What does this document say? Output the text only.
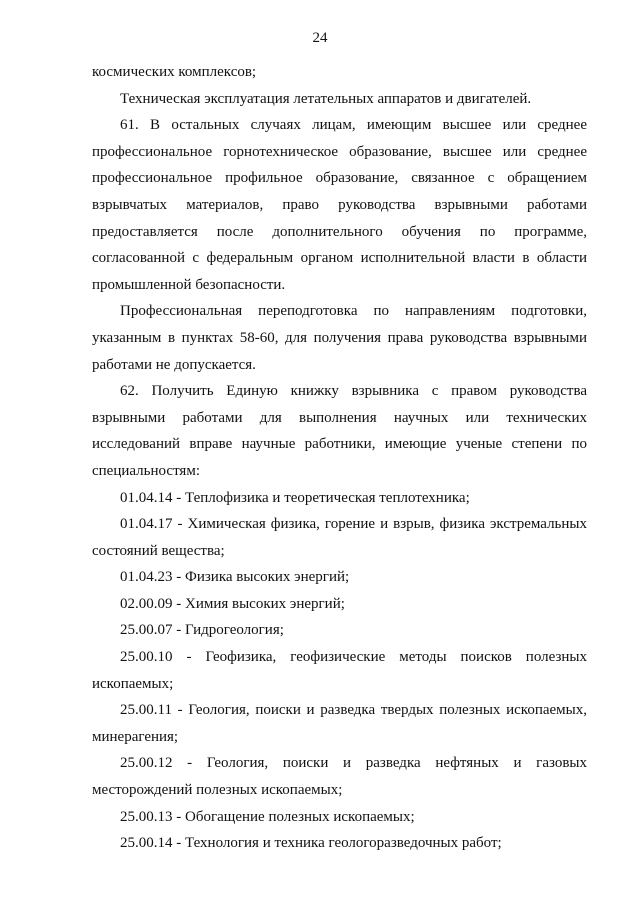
24

космических комплексов;

Техническая эксплуатация летательных аппаратов и двигателей.

61. В остальных случаях лицам, имеющим высшее или среднее
профессиональное горнотехническое образование, высшее или среднее
профессиональное профильное образование, связанное с обращением
взрывчатых материалов, право руководства взрывными работами
предоставляется после дополнительного обучения по программе,
согласованной с федеральным органом исполнительной власти в области
промышленной безопасности.

Профессиональная переподготовка по направлениям подготовки,
указанным в пунктах 58-60, для получения права руководства взрывными
работами не допускается.

62. Получить Единую книжку взрывника с правом руководства
взрывными работами для выполнения научных или технических
исследований вправе научные работники, имеющие ученые степени по
специальностям:

01.04.14 - Теплофизика и теоретическая теплотехника;

01.04.17 - Химическая физика, горение и взрыв, физика экстремальных
состояний вещества;

01.04.23 - Физика высоких энергий;

02.00.09 - Химия высоких энергий;

25.00.07 - Гидрогеология;

25.00.10 - Геофизика, геофизические методы поисков полезных
ископаемых;

25.00.11 - Геология, поиски и разведка твердых полезных ископаемых,
минерагения;

25.00.12 - Геология, поиски и разведка нефтяных и газовых
месторождений полезных ископаемых;

25.00.13 - Обогащение полезных ископаемых;

25.00.14 - Технология и техника геологоразведочных работ;
